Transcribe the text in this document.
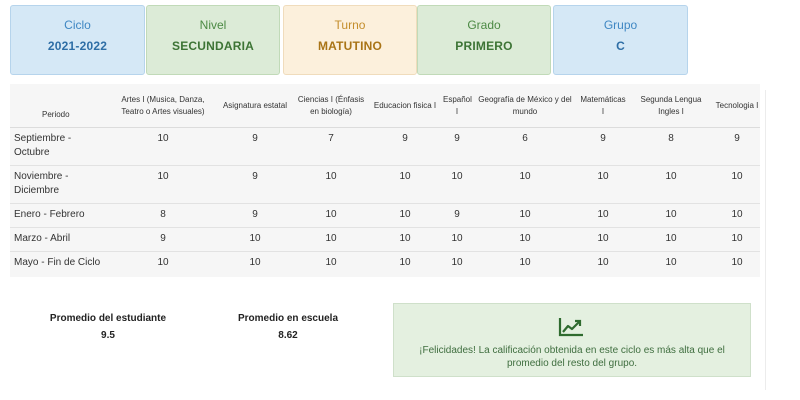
Ciclo
2021-2022
Nivel
SECUNDARIA
Turno
MATUTINO
Grado
PRIMERO
Grupo
C
Periodo	Artes I (Musica, Danza, Teatro o Artes visuales)	Asignatura estatal	Ciencias I (Énfasis en biología)	Educacion fisica I	Español I	Geografía de México y del mundo	Matemáticas I	Segunda Lengua Ingles I	Tecnologia I
Septiembre - Octubre	10	9	7	9	9	6	9	8	9
Noviembre - Diciembre	10	9	10	10	10	10	10	10	10
Enero - Febrero	8	9	10	10	9	10	10	10	10
Marzo - Abril	9	10	10	10	10	10	10	10	10
Mayo - Fin de Ciclo	10	10	10	10	10	10	10	10	10
Promedio del estudiante
9.5
Promedio en escuela
8.62
¡Felicidades! La calificación obtenida en este ciclo es más alta que el promedio del resto del grupo.
